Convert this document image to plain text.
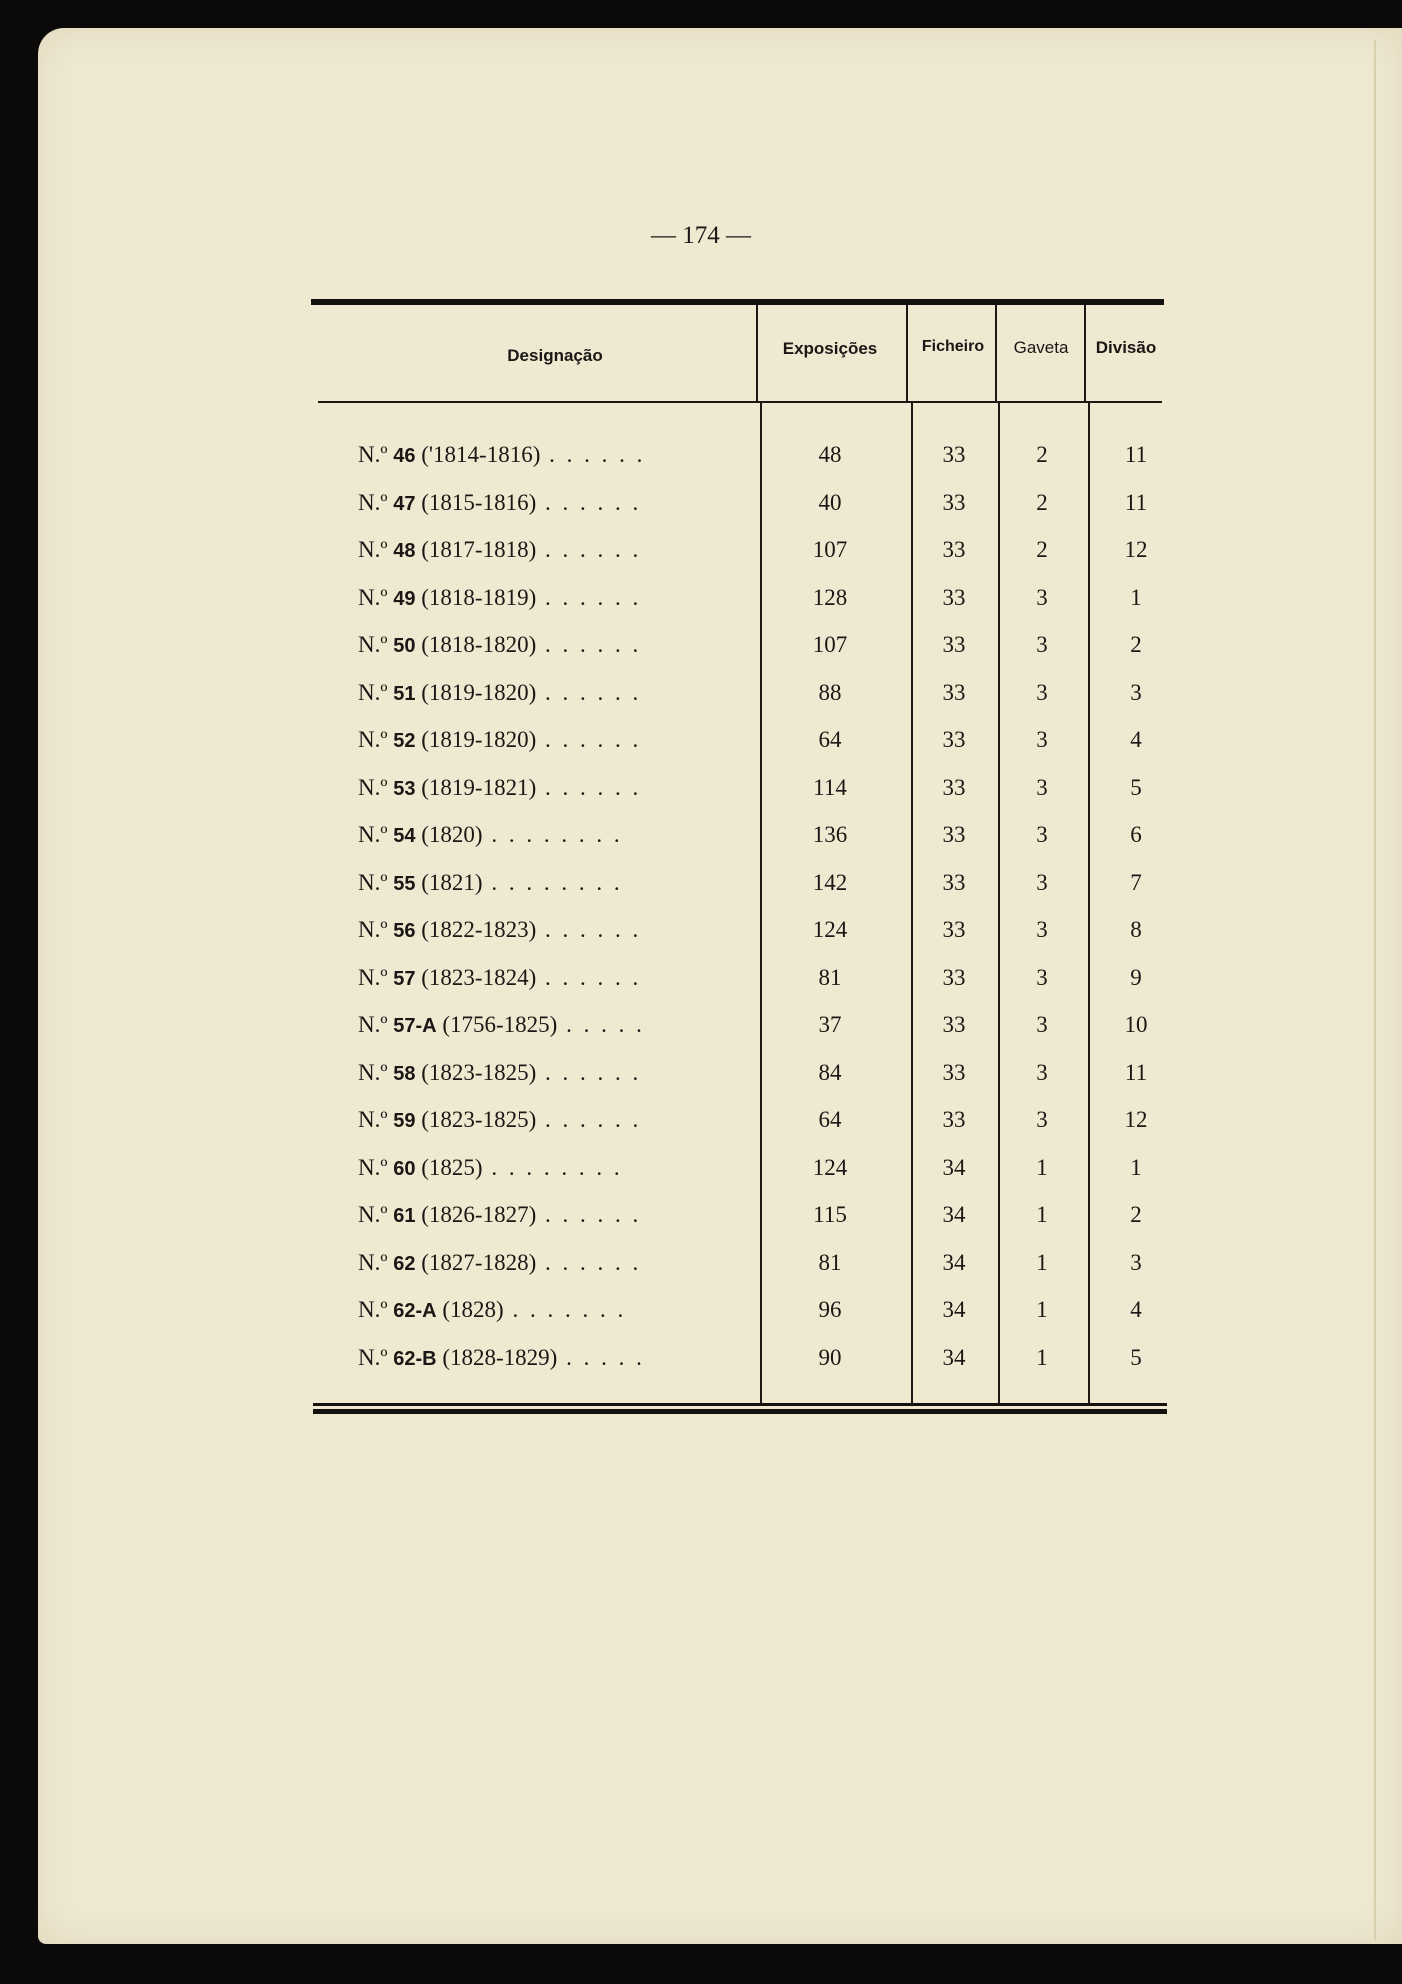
— 174 —
Designação	Exposições	Ficheiro	Gaveta	Divisão
N.º 46 ('1814-1816) . . . . . .	48	33	2	11
N.º 47 (1815-1816) . . . . . .	40	33	2	11
N.º 48 (1817-1818) . . . . . .	107	33	2	12
N.º 49 (1818-1819) . . . . . .	128	33	3	1
N.º 50 (1818-1820) . . . . . .	107	33	3	2
N.º 51 (1819-1820) . . . . . .	88	33	3	3
N.º 52 (1819-1820) . . . . . .	64	33	3	4
N.º 53 (1819-1821) . . . . . .	114	33	3	5
N.º 54 (1820) . . . . . . . .	136	33	3	6
N.º 55 (1821) . . . . . . . .	142	33	3	7
N.º 56 (1822-1823) . . . . . .	124	33	3	8
N.º 57 (1823-1824) . . . . . .	81	33	3	9
N.º 57-A (1756-1825) . . . . .	37	33	3	10
N.º 58 (1823-1825) . . . . . .	84	33	3	11
N.º 59 (1823-1825) . . . . . .	64	33	3	12
N.º 60 (1825) . . . . . . . .	124	34	1	1
N.º 61 (1826-1827) . . . . . .	115	34	1	2
N.º 62 (1827-1828) . . . . . .	81	34	1	3
N.º 62-A (1828) . . . . . . .	96	34	1	4
N.º 62-B (1828-1829) . . . . .	90	34	1	5
